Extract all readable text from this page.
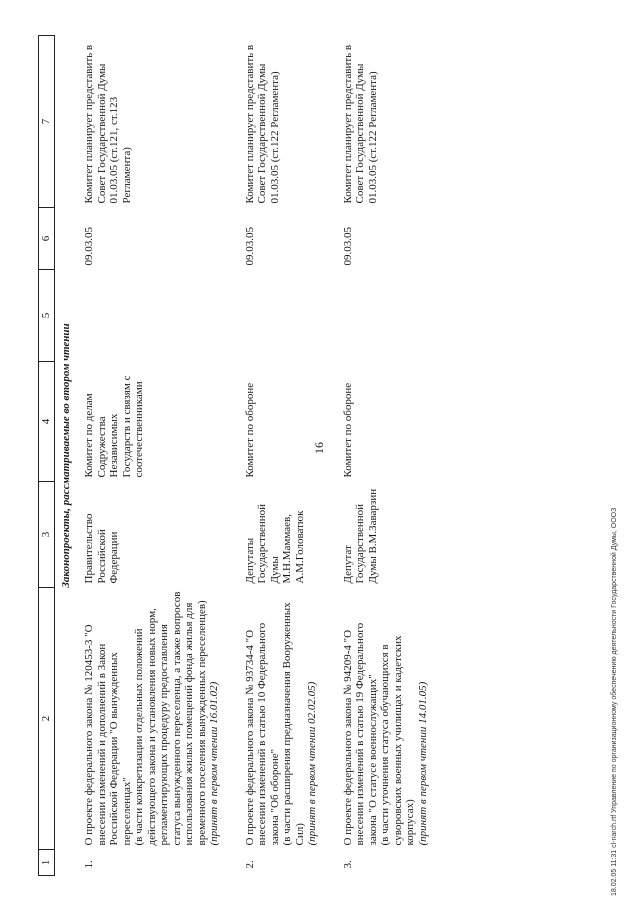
16
1	2	3	4	5	6	7
Законопроекты, рассматриваемые во втором чтении						
1.	О проекте федерального закона № 120453-3 "О внесении изменений и дополнений в Закон Российской Федерации "О вынужденных переселенцах" (в части конкретизации отдельных положений действующего закона и установления новых норм, регламентирующих процедуру предоставления статуса вынужденного переселенца, а также вопросов использования жилых помещений фонда жилья для временного поселения вынужденных переселенцев) (принят в первом чтении 16.01.02)	Правительство Российской Федерации	Комитет по делам Содружества Независимых Государств и связям с соотечественниками		09.03.05	Комитет планирует представить в Совет Государственной Думы 01.03.05 (ст.121, ст.123 Регламента)
2.	О проекте федерального закона № 93734-4 "О внесении изменений в статью 10 Федерального закона "Об обороне" (в части расширения предназначения Вооруженных Сил) (принят в первом чтении 02.02.05)	Депутаты Государственной Думы М.Н.Маммаев, А.М.Головатюк	Комитет по обороне		09.03.05	Комитет планирует представить в Совет Государственной Думы 01.03.05 (ст.122 Регламента)
3.	О проекте федерального закона № 94209-4 "О внесении изменений в статью 19 Федерального закона "О статусе военнослужащих" (в части уточнения статуса обучающихся в суворовских военных училищах и кадетских корпусах) (принят в первом чтении 14.01.05)	Депутат Государственной Думы В.М.Заварзин	Комитет по обороне		09.03.05	Комитет планирует представить в Совет Государственной Думы 01.03.05 (ст.122 Регламента)
18.02.05 11:31 cl-narch.rtf Управление по организационному обеспечению деятельности Государственной Думы, ОООЗ
